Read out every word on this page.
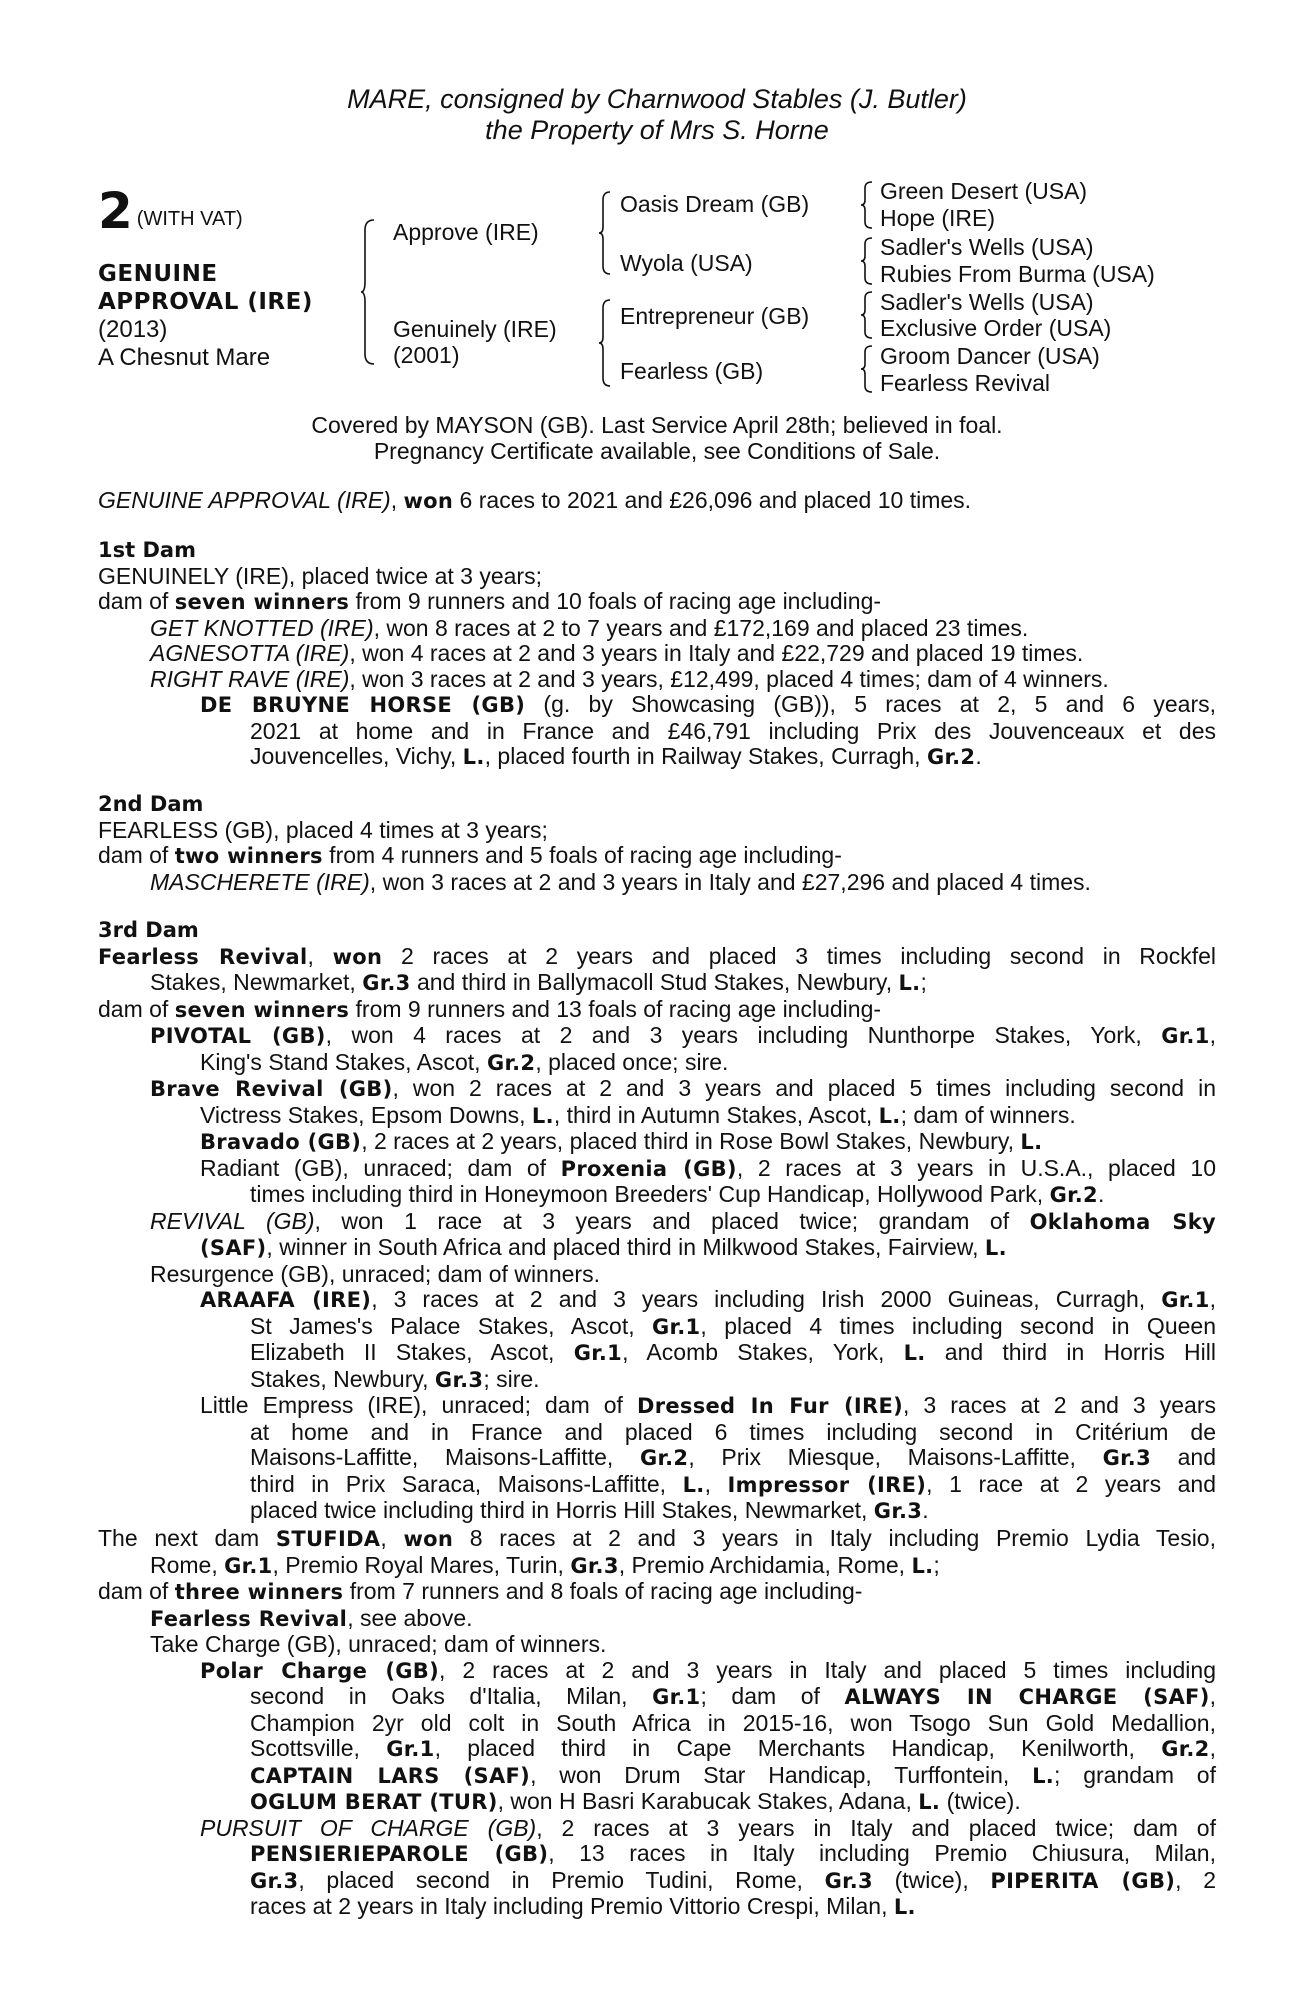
MARE, consigned by Charnwood Stables (J. Butler)
the Property of Mrs S. Horne
2 (WITH VAT)
GENUINE
APPROVAL (IRE)
(2013)
A Chesnut Mare
Approve (IRE)
Genuinely (IRE)
(2001)
Oasis Dream (GB)
Wyola (USA)
Entrepreneur (GB)
Fearless (GB)
Green Desert (USA)
Hope (IRE)
Sadler's Wells (USA)
Rubies From Burma (USA)
Sadler's Wells (USA)
Exclusive Order (USA)
Groom Dancer (USA)
Fearless Revival
Covered by MAYSON (GB). Last Service April 28th; believed in foal.
Pregnancy Certificate available, see Conditions of Sale.
GENUINE APPROVAL (IRE), won 6 races to 2021 and £26,096 and placed 10 times.
1st Dam
GENUINELY (IRE), placed twice at 3 years;
dam of seven winners from 9 runners and 10 foals of racing age including-
GET KNOTTED (IRE), won 8 races at 2 to 7 years and £172,169 and placed 23 times.
AGNESOTTA (IRE), won 4 races at 2 and 3 years in Italy and £22,729 and placed 19 times.
RIGHT RAVE (IRE), won 3 races at 2 and 3 years, £12,499, placed 4 times; dam of 4 winners.
DE BRUYNE HORSE (GB) (g. by Showcasing (GB)), 5 races at 2, 5 and 6 years,
2021 at home and in France and £46,791 including Prix des Jouvenceaux et des
Jouvencelles, Vichy, L., placed fourth in Railway Stakes, Curragh, Gr.2.
2nd Dam
FEARLESS (GB), placed 4 times at 3 years;
dam of two winners from 4 runners and 5 foals of racing age including-
MASCHERETE (IRE), won 3 races at 2 and 3 years in Italy and £27,296 and placed 4 times.
3rd Dam
Fearless Revival, won 2 races at 2 years and placed 3 times including second in Rockfel
Stakes, Newmarket, Gr.3 and third in Ballymacoll Stud Stakes, Newbury, L.;
dam of seven winners from 9 runners and 13 foals of racing age including-
PIVOTAL (GB), won 4 races at 2 and 3 years including Nunthorpe Stakes, York, Gr.1,
King's Stand Stakes, Ascot, Gr.2, placed once; sire.
Brave Revival (GB), won 2 races at 2 and 3 years and placed 5 times including second in
Victress Stakes, Epsom Downs, L., third in Autumn Stakes, Ascot, L.; dam of winners.
Bravado (GB), 2 races at 2 years, placed third in Rose Bowl Stakes, Newbury, L.
Radiant (GB), unraced; dam of Proxenia (GB), 2 races at 3 years in U.S.A., placed 10
times including third in Honeymoon Breeders' Cup Handicap, Hollywood Park, Gr.2.
REVIVAL (GB), won 1 race at 3 years and placed twice; grandam of Oklahoma Sky
(SAF), winner in South Africa and placed third in Milkwood Stakes, Fairview, L.
Resurgence (GB), unraced; dam of winners.
ARAAFA (IRE), 3 races at 2 and 3 years including Irish 2000 Guineas, Curragh, Gr.1,
St James's Palace Stakes, Ascot, Gr.1, placed 4 times including second in Queen
Elizabeth II Stakes, Ascot, Gr.1, Acomb Stakes, York, L. and third in Horris Hill
Stakes, Newbury, Gr.3; sire.
Little Empress (IRE), unraced; dam of Dressed In Fur (IRE), 3 races at 2 and 3 years
at home and in France and placed 6 times including second in Critérium de
Maisons-Laffitte, Maisons-Laffitte, Gr.2, Prix Miesque, Maisons-Laffitte, Gr.3 and
third in Prix Saraca, Maisons-Laffitte, L., Impressor (IRE), 1 race at 2 years and
placed twice including third in Horris Hill Stakes, Newmarket, Gr.3.
The next dam STUFIDA, won 8 races at 2 and 3 years in Italy including Premio Lydia Tesio,
Rome, Gr.1, Premio Royal Mares, Turin, Gr.3, Premio Archidamia, Rome, L.;
dam of three winners from 7 runners and 8 foals of racing age including-
Fearless Revival, see above.
Take Charge (GB), unraced; dam of winners.
Polar Charge (GB), 2 races at 2 and 3 years in Italy and placed 5 times including
second in Oaks d'Italia, Milan, Gr.1; dam of ALWAYS IN CHARGE (SAF),
Champion 2yr old colt in South Africa in 2015-16, won Tsogo Sun Gold Medallion,
Scottsville, Gr.1, placed third in Cape Merchants Handicap, Kenilworth, Gr.2,
CAPTAIN LARS (SAF), won Drum Star Handicap, Turffontein, L.; grandam of
OGLUM BERAT (TUR), won H Basri Karabucak Stakes, Adana, L. (twice).
PURSUIT OF CHARGE (GB), 2 races at 3 years in Italy and placed twice; dam of
PENSIERIEPAROLE (GB), 13 races in Italy including Premio Chiusura, Milan,
Gr.3, placed second in Premio Tudini, Rome, Gr.3 (twice), PIPERITA (GB), 2
races at 2 years in Italy including Premio Vittorio Crespi, Milan, L.
